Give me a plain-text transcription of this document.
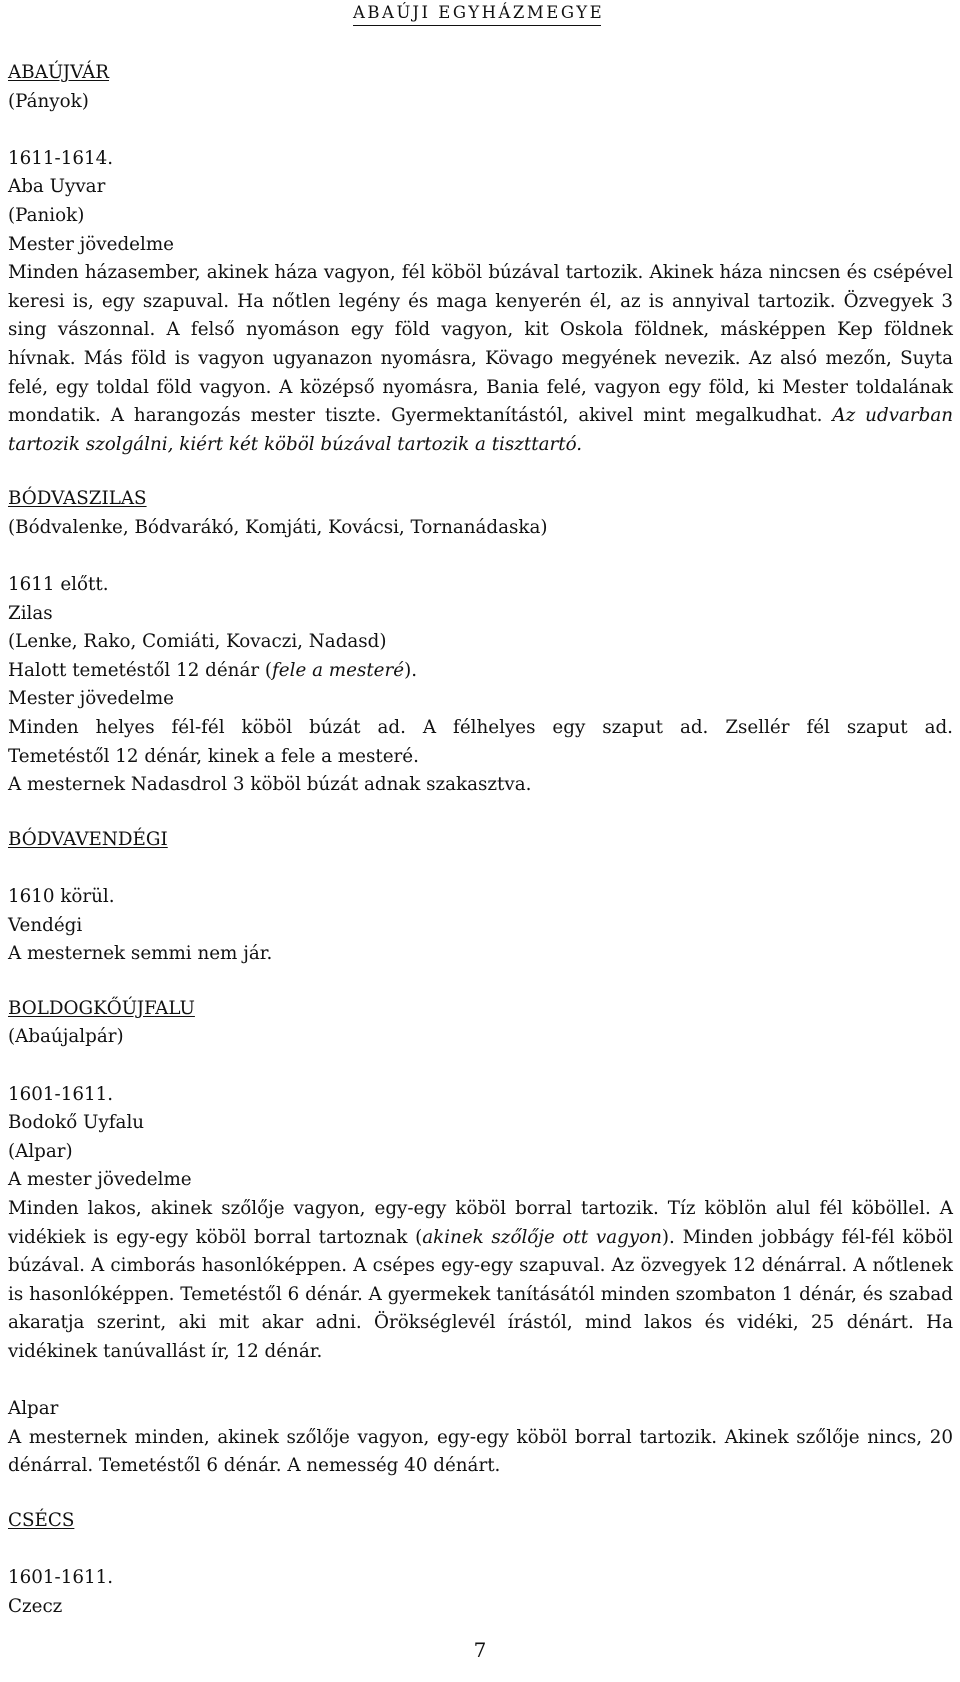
ABAÚJI EGYHÁZMEGYE
ABAÚJVÁR
(Pányok)
1611-1614.
Aba Uyvar
(Paniok)
Mester jövedelme

Minden házasember, akinek háza vagyon, fél köböl búzával tartozik. Akinek háza nincsen és csépével keresi is, egy szapuval. Ha nőtlen legény és maga kenyerén él, az is annyival tartozik. Özvegyek 3 sing vászonnal. A felső nyomáson egy föld vagyon, kit Oskola földnek, másképpen Kep földnek hívnak. Más föld is vagyon ugyanazon nyomásra, Kövago megyének nevezik. Az alsó mezőn, Suyta felé, egy toldal föld vagyon. A középső nyomásra, Bania felé, vagyon egy föld, ki Mester toldalának mondatik. A harangozás mester tiszte. Gyermektanítástól, akivel mint megalkudhat. Az udvarban tartozik szolgálni, kiért két köböl búzával tartozik a tiszttartó.

BÓDVASZILAS
(Bódvalenke, Bódvarákó, Komjáti, Kovácsi, Tornanádaska)
1611 előtt.
Zilas
(Lenke, Rako, Comiáti, Kovaczi, Nadasd)
Halott temetéstől 12 dénár (fele a mesteré).
Mester jövedelme
Minden helyes fél-fél köböl búzát ad. A félhelyes egy szaput ad. Zsellér fél szaput ad.
Temetéstől 12 dénár, kinek a fele a mesteré.
A mesternek Nadasdrol 3 köböl búzát adnak szakasztva.
BÓDVAVENDÉGI
1610 körül.
Vendégi
A mesternek semmi nem jár.
BOLDOGKŐÚJFALU
(Abaújalpár)
1601-1611.
Bodokő Uyfalu
(Alpar)
A mester jövedelme

Minden lakos, akinek szőlője vagyon, egy-egy köböl borral tartozik. Tíz köblön alul fél köböllel. A vidékiek is egy-egy köböl borral tartoznak (akinek szőlője ott vagyon). Minden jobbágy fél-fél köböl búzával. A cimborás hasonlóképpen. A csépes egy-egy szapuval. Az özvegyek 12 dénárral. A nőtlenek is hasonlóképpen. Temetéstől 6 dénár. A gyermekek tanításától minden szombaton 1 dénár, és szabad akaratja szerint, aki mit akar adni. Örökséglevél írástól, mind lakos és vidéki, 25 dénárt. Ha vidékinek tanúvallást ír, 12 dénár.

Alpar

A mesternek minden, akinek szőlője vagyon, egy-egy köböl borral tartozik. Akinek szőlője nincs, 20 dénárral. Temetéstől 6 dénár. A nemesség 40 dénárt.

CSÉCS
1601-1611.
Czecz
7
